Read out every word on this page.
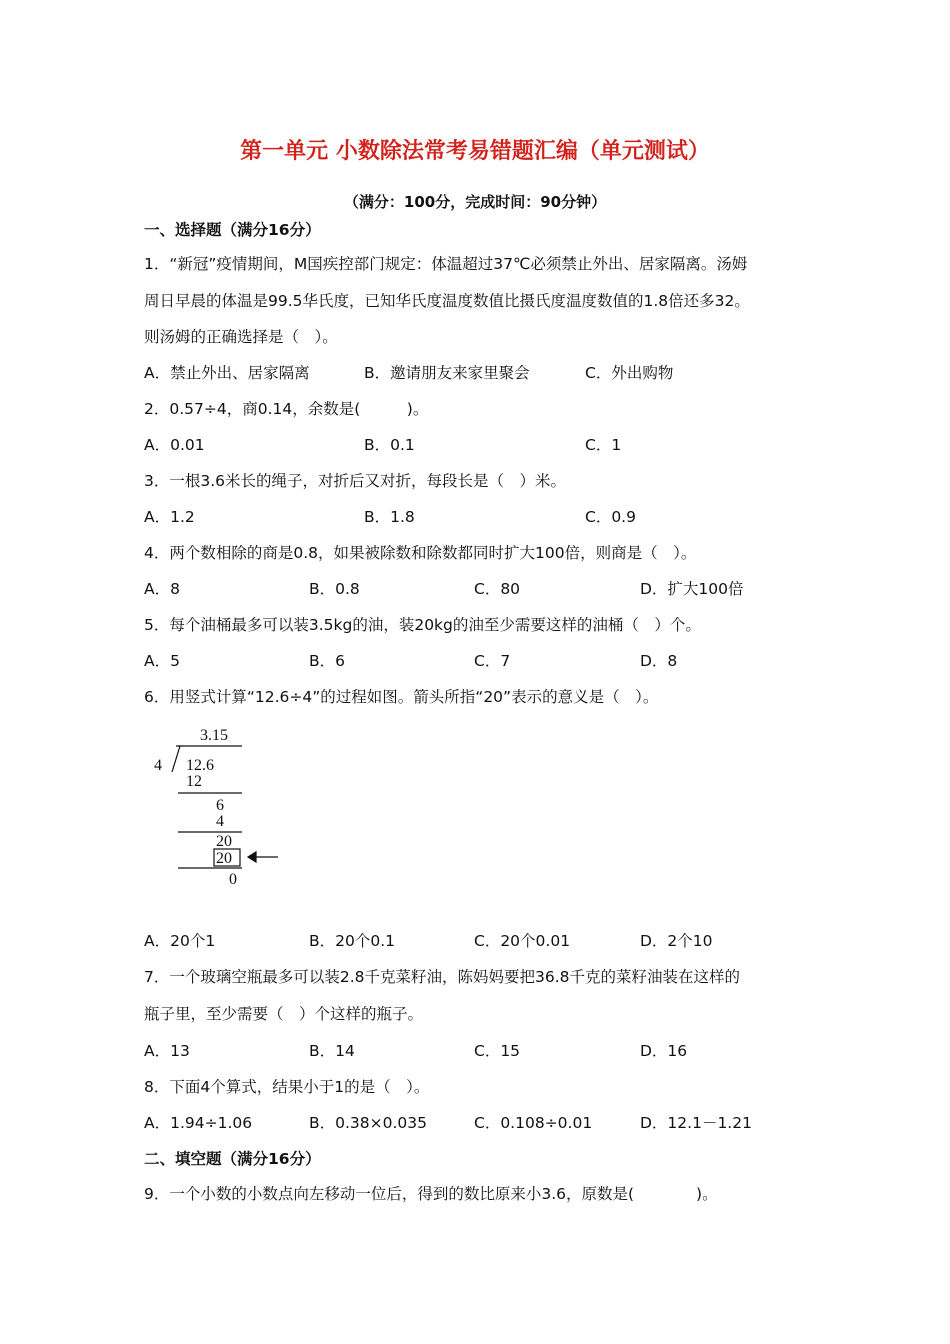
第一单元 小数除法常考易错题汇编（单元测试）
（满分：100分，完成时间：90分钟）
一、选择题（满分16分）
1．“新冠”疫情期间，M国疾控部门规定：体温超过37℃必须禁止外出、居家隔离。汤姆
周日早晨的体温是99.5华氏度，已知华氏度温度数值比摄氏度温度数值的1.8倍还多32。
则汤姆的正确选择是（　）。
A．禁止外出、居家隔离	B．邀请朋友来家里聚会	C．外出购物
2．0.57÷4，商0.14，余数是(　　　)。
A．0.01	B．0.1	C．1
3．一根3.6米长的绳子，对折后又对折，每段长是（　）米。
A．1.2	B．1.8	C．0.9
4．两个数相除的商是0.8，如果被除数和除数都同时扩大100倍，则商是（　）。
A．8	B．0.8	C．80	D．扩大100倍
5．每个油桶最多可以装3.5kg的油，装20kg的油至少需要这样的油桶（　）个。
A．5	B．6	C．7	D．8
6．用竖式计算“12.6÷4”的过程如图。箭头所指“20”表示的意义是（　）。
3.15
4 12.6
12
6
4
20
20
0
A．20个1	B．20个0.1	C．20个0.01	D．2个10
7．一个玻璃空瓶最多可以装2.8千克菜籽油，陈妈妈要把36.8千克的菜籽油装在这样的
瓶子里，至少需要（　）个这样的瓶子。
A．13	B．14	C．15	D．16
8．下面4个算式，结果小于1的是（　）。
A．1.94÷1.06	B．0.38×0.035	C．0.108÷0.01	D．12.1－1.21
二、填空题（满分16分）
9．一个小数的小数点向左移动一位后，得到的数比原来小3.6，原数是(　　　　)。
